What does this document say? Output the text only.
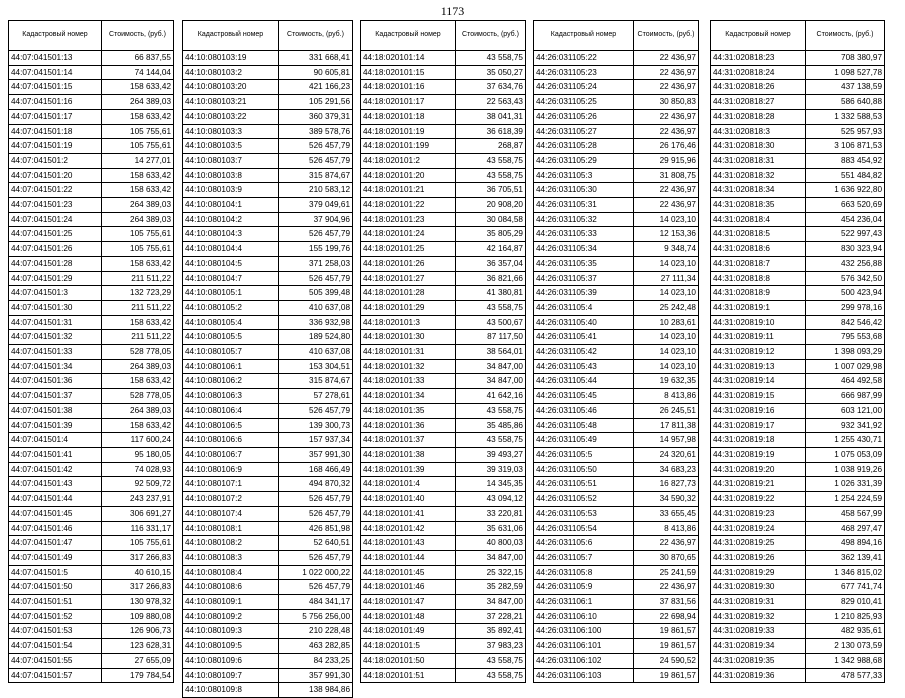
1173
Кадастровый номер	Стоимость, (руб.)
44:07:041501:13	66 837,55
44:07:041501:14	74 144,04
44:07:041501:15	158 633,42
44:07:041501:16	264 389,03
44:07:041501:17	158 633,42
44:07:041501:18	105 755,61
44:07:041501:19	105 755,61
44:07:041501:2	14 277,01
44:07:041501:20	158 633,42
44:07:041501:22	158 633,42
44:07:041501:23	264 389,03
44:07:041501:24	264 389,03
44:07:041501:25	105 755,61
44:07:041501:26	105 755,61
44:07:041501:28	158 633,42
44:07:041501:29	211 511,22
44:07:041501:3	132 723,29
44:07:041501:30	211 511,22
44:07:041501:31	158 633,42
44:07:041501:32	211 511,22
44:07:041501:33	528 778,05
44:07:041501:34	264 389,03
44:07:041501:36	158 633,42
44:07:041501:37	528 778,05
44:07:041501:38	264 389,03
44:07:041501:39	158 633,42
44:07:041501:4	117 600,24
44:07:041501:41	95 180,05
44:07:041501:42	74 028,93
44:07:041501:43	92 509,72
44:07:041501:44	243 237,91
44:07:041501:45	306 691,27
44:07:041501:46	116 331,17
44:07:041501:47	105 755,61
44:07:041501:49	317 266,83
44:07:041501:5	40 610,15
44:07:041501:50	317 266,83
44:07:041501:51	130 978,32
44:07:041501:52	109 880,08
44:07:041501:53	126 906,73
44:07:041501:54	123 628,31
44:07:041501:55	27 655,09
44:07:041501:57	179 784,54
Кадастровый номер	Стоимость, (руб.)
44:10:080103:19	331 668,41
44:10:080103:2	90 605,81
44:10:080103:20	421 166,23
44:10:080103:21	105 291,56
44:10:080103:22	360 379,31
44:10:080103:3	389 578,76
44:10:080103:5	526 457,79
44:10:080103:7	526 457,79
44:10:080103:8	315 874,67
44:10:080103:9	210 583,12
44:10:080104:1	379 049,61
44:10:080104:2	37 904,96
44:10:080104:3	526 457,79
44:10:080104:4	155 199,76
44:10:080104:5	371 258,03
44:10:080104:7	526 457,79
44:10:080105:1	505 399,48
44:10:080105:2	410 637,08
44:10:080105:4	336 932,98
44:10:080105:5	189 524,80
44:10:080105:7	410 637,08
44:10:080106:1	153 304,51
44:10:080106:2	315 874,67
44:10:080106:3	57 278,61
44:10:080106:4	526 457,79
44:10:080106:5	139 300,73
44:10:080106:6	157 937,34
44:10:080106:7	357 991,30
44:10:080106:9	168 466,49
44:10:080107:1	494 870,32
44:10:080107:2	526 457,79
44:10:080107:4	526 457,79
44:10:080108:1	426 851,98
44:10:080108:2	52 640,51
44:10:080108:3	526 457,79
44:10:080108:4	1 022 000,22
44:10:080108:6	526 457,79
44:10:080109:1	484 341,17
44:10:080109:2	5 756 256,00
44:10:080109:3	210 228,48
44:10:080109:5	463 282,85
44:10:080109:6	84 233,25
44:10:080109:7	357 991,30
44:10:080109:8	138 984,86
Кадастровый номер	Стоимость, (руб.)
44:18:020101:14	43 558,75
44:18:020101:15	35 050,27
44:18:020101:16	37 634,76
44:18:020101:17	22 563,43
44:18:020101:18	38 041,31
44:18:020101:19	36 618,39
44:18:020101:199	268,87
44:18:020101:2	43 558,75
44:18:020101:20	43 558,75
44:18:020101:21	36 705,51
44:18:020101:22	20 908,20
44:18:020101:23	30 084,58
44:18:020101:24	35 805,29
44:18:020101:25	42 164,87
44:18:020101:26	36 357,04
44:18:020101:27	36 821,66
44:18:020101:28	41 380,81
44:18:020101:29	43 558,75
44:18:020101:3	43 500,67
44:18:020101:30	87 117,50
44:18:020101:31	38 564,01
44:18:020101:32	34 847,00
44:18:020101:33	34 847,00
44:18:020101:34	41 642,16
44:18:020101:35	43 558,75
44:18:020101:36	35 485,86
44:18:020101:37	43 558,75
44:18:020101:38	39 493,27
44:18:020101:39	39 319,03
44:18:020101:4	14 345,35
44:18:020101:40	43 094,12
44:18:020101:41	33 220,81
44:18:020101:42	35 631,06
44:18:020101:43	40 800,03
44:18:020101:44	34 847,00
44:18:020101:45	25 322,15
44:18:020101:46	35 282,59
44:18:020101:47	34 847,00
44:18:020101:48	37 228,21
44:18:020101:49	35 892,41
44:18:020101:5	37 983,23
44:18:020101:50	43 558,75
44:18:020101:51	43 558,75
Кадастровый номер	Стоимость, (руб.)
44:26:031105:22	22 436,97
44:26:031105:23	22 436,97
44:26:031105:24	22 436,97
44:26:031105:25	30 850,83
44:26:031105:26	22 436,97
44:26:031105:27	22 436,97
44:26:031105:28	26 176,46
44:26:031105:29	29 915,96
44:26:031105:3	31 808,75
44:26:031105:30	22 436,97
44:26:031105:31	22 436,97
44:26:031105:32	14 023,10
44:26:031105:33	12 153,36
44:26:031105:34	9 348,74
44:26:031105:35	14 023,10
44:26:031105:37	27 111,34
44:26:031105:39	14 023,10
44:26:031105:4	25 242,48
44:26:031105:40	10 283,61
44:26:031105:41	14 023,10
44:26:031105:42	14 023,10
44:26:031105:43	14 023,10
44:26:031105:44	19 632,35
44:26:031105:45	8 413,86
44:26:031105:46	26 245,51
44:26:031105:48	17 811,38
44:26:031105:49	14 957,98
44:26:031105:5	24 320,61
44:26:031105:50	34 683,23
44:26:031105:51	16 827,73
44:26:031105:52	34 590,32
44:26:031105:53	33 655,45
44:26:031105:54	8 413,86
44:26:031105:6	22 436,97
44:26:031105:7	30 870,65
44:26:031105:8	25 241,59
44:26:031105:9	22 436,97
44:26:031106:1	37 831,56
44:26:031106:10	22 698,94
44:26:031106:100	19 861,57
44:26:031106:101	19 861,57
44:26:031106:102	24 590,52
44:26:031106:103	19 861,57
Кадастровый номер	Стоимость, (руб.)
44:31:020818:23	708 380,97
44:31:020818:24	1 098 527,78
44:31:020818:26	437 138,59
44:31:020818:27	586 640,88
44:31:020818:28	1 332 588,53
44:31:020818:3	525 957,93
44:31:020818:30	3 106 871,53
44:31:020818:31	883 454,92
44:31:020818:32	551 484,82
44:31:020818:34	1 636 922,80
44:31:020818:35	663 520,69
44:31:020818:4	454 236,04
44:31:020818:5	522 997,43
44:31:020818:6	830 323,94
44:31:020818:7	432 256,88
44:31:020818:8	576 342,50
44:31:020818:9	500 423,94
44:31:020819:1	299 978,16
44:31:020819:10	842 546,42
44:31:020819:11	795 553,68
44:31:020819:12	1 398 093,29
44:31:020819:13	1 007 029,98
44:31:020819:14	464 492,58
44:31:020819:15	666 987,99
44:31:020819:16	603 121,00
44:31:020819:17	932 341,92
44:31:020819:18	1 255 430,71
44:31:020819:19	1 075 053,09
44:31:020819:20	1 038 919,26
44:31:020819:21	1 026 331,39
44:31:020819:22	1 254 224,59
44:31:020819:23	458 567,99
44:31:020819:24	468 297,47
44:31:020819:25	498 894,16
44:31:020819:26	362 139,41
44:31:020819:29	1 346 815,02
44:31:020819:30	677 741,74
44:31:020819:31	829 010,41
44:31:020819:32	1 210 825,93
44:31:020819:33	482 935,61
44:31:020819:34	2 130 073,59
44:31:020819:35	1 342 988,68
44:31:020819:36	478 577,33
